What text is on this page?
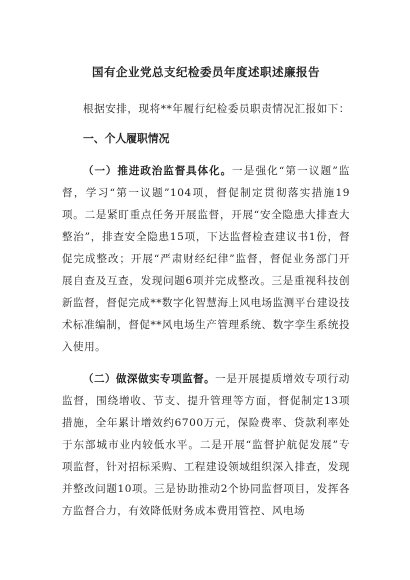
国有企业党总支纪检委员年度述职述廉报告

根据安排，现将**年履行纪检委员职责情况汇报如下：

一、个人履职情况

（一）推进政治监督具体化。一是强化“第一议题”监督，学习“第一议题”104项，督促制定贯彻落实措施19项。二是紧盯重点任务开展监督，开展“安全隐患大排查大整治”，排查安全隐患15项，下达监督检查建议书1份，督促完成整改；开展“严肃财经纪律”监督，督促业务部门开展自查及互查，发现问题6项并完成整改。三是重视科技创新监督，督促完成**数字化智慧海上风电场监测平台建设技术标准编制，督促**风电场生产管理系统、数字孪生系统投入使用。

（二）做深做实专项监督。一是开展提质增效专项行动监督，围绕增收、节支、提升管理等方面，督促制定13项措施，全年累计增效约6700万元，保险费率、贷款利率处于东部城市业内较低水平。二是开展“监督护航促发展”专项监督，针对招标采购、工程建设领域组织深入排查，发现并整改问题10项。三是协助推动2个协同监督项目，发挥各方监督合力，有效降低财务成本费用管控、风电场
